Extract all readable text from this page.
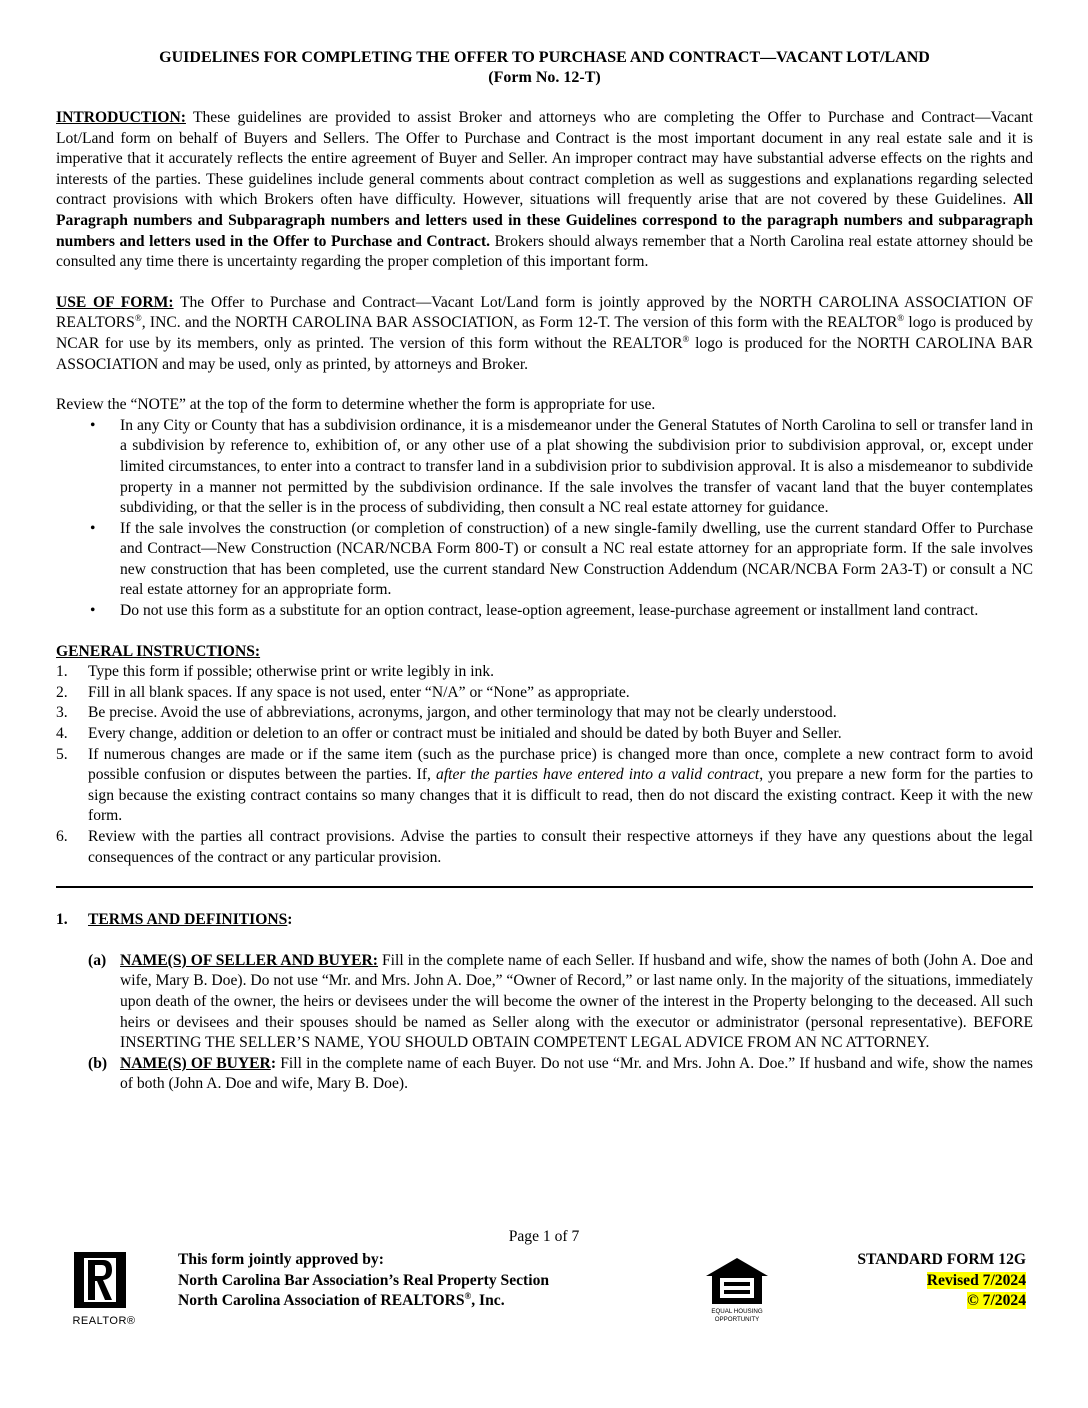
GUIDELINES FOR COMPLETING THE OFFER TO PURCHASE AND CONTRACT—VACANT LOT/LAND
(Form No. 12-T)

INTRODUCTION: These guidelines are provided to assist Broker and attorneys who are completing the Offer to Purchase and Contract—Vacant Lot/Land form on behalf of Buyers and Sellers. The Offer to Purchase and Contract is the most important document in any real estate sale and it is imperative that it accurately reflects the entire agreement of Buyer and Seller. An improper contract may have substantial adverse effects on the rights and interests of the parties. These guidelines include general comments about contract completion as well as suggestions and explanations regarding selected contract provisions with which Brokers often have difficulty. However, situations will frequently arise that are not covered by these Guidelines. All Paragraph numbers and Subparagraph numbers and letters used in these Guidelines correspond to the paragraph numbers and subparagraph numbers and letters used in the Offer to Purchase and Contract. Brokers should always remember that a North Carolina real estate attorney should be consulted any time there is uncertainty regarding the proper completion of this important form.

USE OF FORM: The Offer to Purchase and Contract—Vacant Lot/Land form is jointly approved by the NORTH CAROLINA ASSOCIATION OF REALTORS®, INC. and the NORTH CAROLINA BAR ASSOCIATION, as Form 12-T. The version of this form with the REALTOR® logo is produced by NCAR for use by its members, only as printed. The version of this form without the REALTOR® logo is produced for the NORTH CAROLINA BAR ASSOCIATION and may be used, only as printed, by attorneys and Broker.

Review the “NOTE” at the top of the form to determine whether the form is appropriate for use.

• In any City or County that has a subdivision ordinance, it is a misdemeanor under the General Statutes of North Carolina to sell or transfer land in a subdivision by reference to, exhibition of, or any other use of a plat showing the subdivision prior to subdivision approval, or, except under limited circumstances, to enter into a contract to transfer land in a subdivision prior to subdivision approval. It is also a misdemeanor to subdivide property in a manner not permitted by the subdivision ordinance. If the sale involves the transfer of vacant land that the buyer contemplates subdividing, or that the seller is in the process of subdividing, then consult a NC real estate attorney for guidance.
• If the sale involves the construction (or completion of construction) of a new single-family dwelling, use the current standard Offer to Purchase and Contract—New Construction (NCAR/NCBA Form 800-T) or consult a NC real estate attorney for an appropriate form. If the sale involves new construction that has been completed, use the current standard New Construction Addendum (NCAR/NCBA Form 2A3-T) or consult a NC real estate attorney for an appropriate form.
• Do not use this form as a substitute for an option contract, lease-option agreement, lease-purchase agreement or installment land contract.
GENERAL INSTRUCTIONS:
1. Type this form if possible; otherwise print or write legibly in ink.
2. Fill in all blank spaces. If any space is not used, enter “N/A” or “None” as appropriate.
3. Be precise. Avoid the use of abbreviations, acronyms, jargon, and other terminology that may not be clearly understood.
4. Every change, addition or deletion to an offer or contract must be initialed and should be dated by both Buyer and Seller.
5. If numerous changes are made or if the same item (such as the purchase price) is changed more than once, complete a new contract form to avoid possible confusion or disputes between the parties. If, after the parties have entered into a valid contract, you prepare a new form for the parties to sign because the existing contract contains so many changes that it is difficult to read, then do not discard the existing contract. Keep it with the new form.
6. Review with the parties all contract provisions. Advise the parties to consult their respective attorneys if they have any questions about the legal consequences of the contract or any particular provision.
1. TERMS AND DEFINITIONS:
(a) NAME(S) OF SELLER AND BUYER: Fill in the complete name of each Seller. If husband and wife, show the names of both (John A. Doe and wife, Mary B. Doe). Do not use “Mr. and Mrs. John A. Doe,” “Owner of Record,” or last name only. In the majority of the situations, immediately upon death of the owner, the heirs or devisees under the will become the owner of the interest in the Property belonging to the deceased. All such heirs or devisees and their spouses should be named as Seller along with the executor or administrator (personal representative). BEFORE INSERTING THE SELLER’S NAME, YOU SHOULD OBTAIN COMPETENT LEGAL ADVICE FROM AN NC ATTORNEY.
(b) NAME(S) OF BUYER: Fill in the complete name of each Buyer. Do not use “Mr. and Mrs. John A. Doe.” If husband and wife, show the names of both (John A. Doe and wife, Mary B. Doe).
Page 1 of 7
REALTOR®
This form jointly approved by:
North Carolina Bar Association’s Real Property Section
North Carolina Association of REALTORS®, Inc.
EQUAL HOUSING
OPPORTUNITY
STANDARD FORM 12G
Revised 7/2024
© 7/2024
